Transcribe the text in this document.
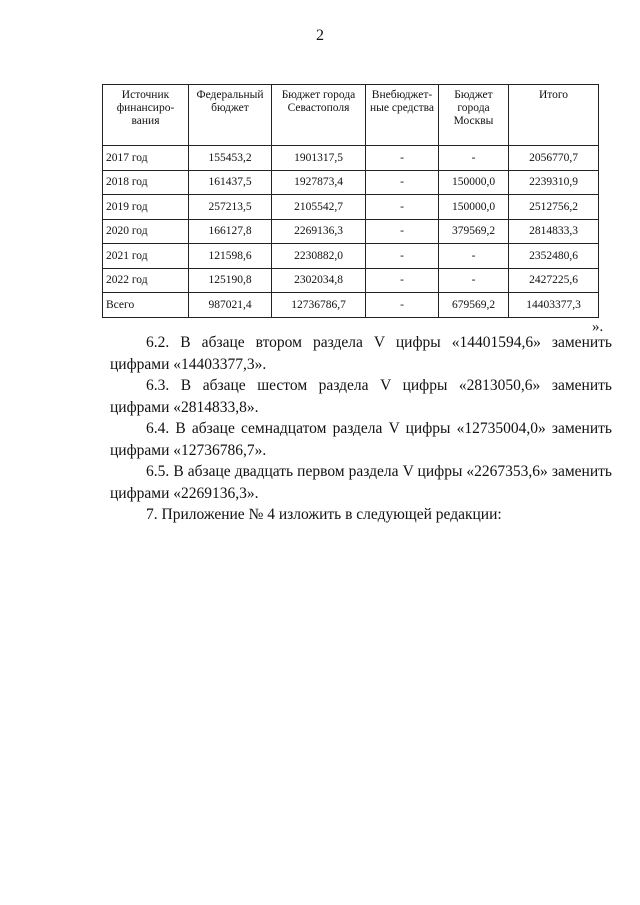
2
Источник финансиро-вания	Федеральный бюджет	Бюджет города Севастополя	Внебюджет-ные средства	Бюджет города Москвы	Итого
2017 год	155453,2	1901317,5	-	-	2056770,7
2018 год	161437,5	1927873,4	-	150000,0	2239310,9
2019 год	257213,5	2105542,7	-	150000,0	2512756,2
2020 год	166127,8	2269136,3	-	379569,2	2814833,3
2021 год	121598,6	2230882,0	-	-	2352480,6
2022 год	125190,8	2302034,8	-	-	2427225,6
Всего	987021,4	12736786,7	-	679569,2	14403377,3
».

6.2. В абзаце втором раздела V цифры «14401594,6» заменить цифрами «14403377,3».

6.3. В абзаце шестом раздела V цифры «2813050,6» заменить цифрами «2814833,8».

6.4. В абзаце семнадцатом раздела V цифры «12735004,0» заменить цифрами «12736786,7».

6.5. В абзаце двадцать первом раздела V цифры «2267353,6» заменить цифрами «2269136,3».

7. Приложение № 4 изложить в следующей редакции:
